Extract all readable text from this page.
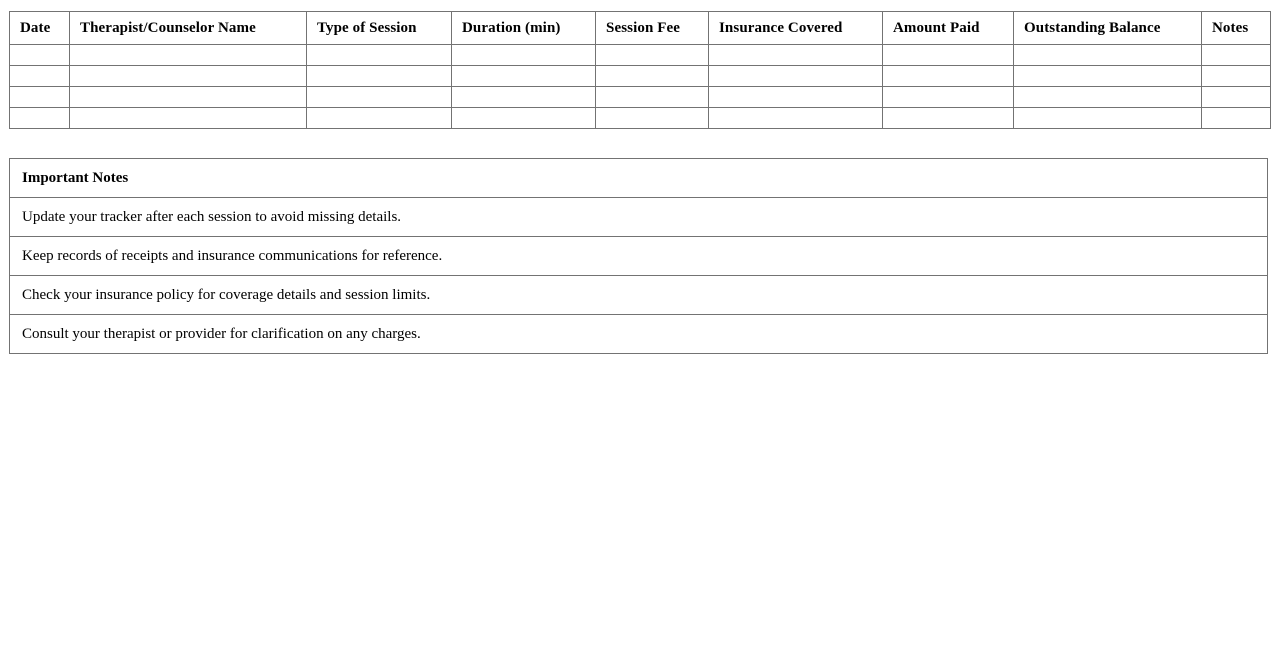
Date	Therapist/Counselor Name	Type of Session	Duration (min)	Session Fee	Insurance Covered	Amount Paid	Outstanding Balance	Notes

Important Notes
Update your tracker after each session to avoid missing details.
Keep records of receipts and insurance communications for reference.
Check your insurance policy for coverage details and session limits.
Consult your therapist or provider for clarification on any charges.
